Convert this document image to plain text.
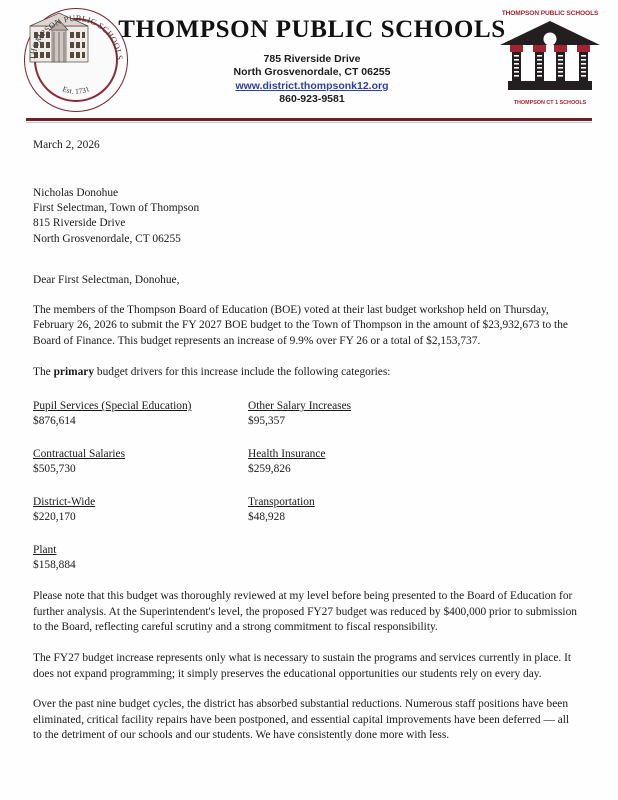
THOMPSON PUBLIC SCHOOLS
Est. 1731
THOMPSON PUBLIC SCHOOLS
785 Riverside Drive
North Grosvenordale, CT 06255
www.district.thompsonk12.org
860-923-9581
THOMPSON PUBLIC SCHOOLS
THOMPSON CT 1 SCHOOLS
March 2, 2026
Nicholas Donohue
First Selectman, Town of Thompson
815 Riverside Drive
North Grosvenordale, CT 06255
Dear First Selectman, Donohue,

The members of the Thompson Board of Education (BOE) voted at their last budget workshop held on Thursday, February 26, 2026 to submit the FY 2027 BOE budget to the Town of Thompson in the amount of $23,932,673 to the Board of Finance. This budget represents an increase of 9.9% over FY 26 or a total of $2,153,737.

The primary budget drivers for this increase include the following categories:
Pupil Services (Special Education)
$876,614
Other Salary Increases
$95,357
Contractual Salaries
$505,730
Health Insurance
$259,826
District-Wide
$220,170
Transportation
$48,928
Plant
$158,884

Please note that this budget was thoroughly reviewed at my level before being presented to the Board of Education for further analysis. At the Superintendent's level, the proposed FY27 budget was reduced by $400,000 prior to submission to the Board, reflecting careful scrutiny and a strong commitment to fiscal responsibility.

The FY27 budget increase represents only what is necessary to sustain the programs and services currently in place. It does not expand programming; it simply preserves the educational opportunities our students rely on every day.

Over the past nine budget cycles, the district has absorbed substantial reductions. Numerous staff positions have been eliminated, critical facility repairs have been postponed, and essential capital improvements have been deferred — all to the detriment of our schools and our students. We have consistently done more with less.
